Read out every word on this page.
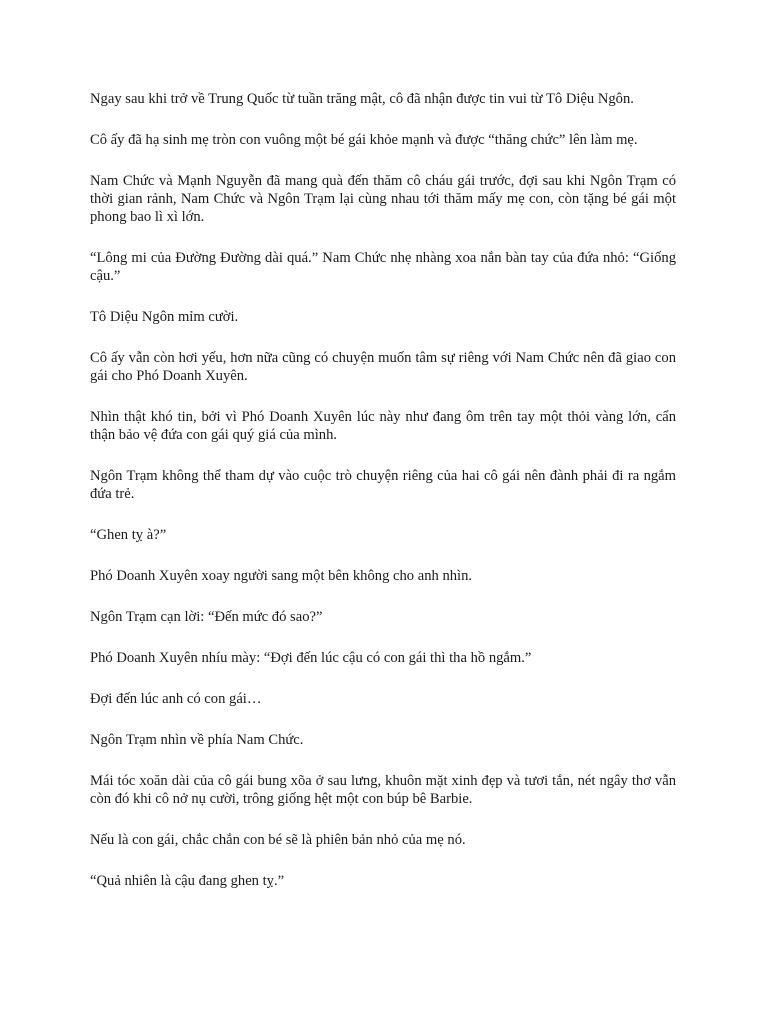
Ngay sau khi trở về Trung Quốc từ tuần trăng mật, cô đã nhận được tin vui từ Tô Diệu Ngôn.

Cô ấy đã hạ sinh mẹ tròn con vuông một bé gái khỏe mạnh và được “thăng chức” lên làm mẹ.

Nam Chức và Mạnh Nguyễn đã mang quà đến thăm cô cháu gái trước, đợi sau khi Ngôn Trạm có thời gian rảnh, Nam Chức và Ngôn Trạm lại cùng nhau tới thăm mấy mẹ con, còn tặng bé gái một phong bao lì xì lớn.

“Lông mi của Đường Đường dài quá.” Nam Chức nhẹ nhàng xoa nắn bàn tay của đứa nhỏ: “Giống cậu.”

Tô Diệu Ngôn mỉm cười.

Cô ấy vẫn còn hơi yếu, hơn nữa cũng có chuyện muốn tâm sự riêng với Nam Chức nên đã giao con gái cho Phó Doanh Xuyên.

Nhìn thật khó tin, bởi vì Phó Doanh Xuyên lúc này như đang ôm trên tay một thỏi vàng lớn, cẩn thận bảo vệ đứa con gái quý giá của mình.

Ngôn Trạm không thể tham dự vào cuộc trò chuyện riêng của hai cô gái nên đành phải đi ra ngắm đứa trẻ.

“Ghen tỵ à?”

Phó Doanh Xuyên xoay người sang một bên không cho anh nhìn.

Ngôn Trạm cạn lời: “Đến mức đó sao?”

Phó Doanh Xuyên nhíu mày: “Đợi đến lúc cậu có con gái thì tha hồ ngắm.”

Đợi đến lúc anh có con gái…

Ngôn Trạm nhìn về phía Nam Chức.

Mái tóc xoăn dài của cô gái bung xõa ở sau lưng, khuôn mặt xinh đẹp và tươi tắn, nét ngây thơ vẫn còn đó khi cô nở nụ cười, trông giống hệt một con búp bê Barbie.

Nếu là con gái, chắc chắn con bé sẽ là phiên bản nhỏ của mẹ nó.

“Quả nhiên là cậu đang ghen tỵ.”
